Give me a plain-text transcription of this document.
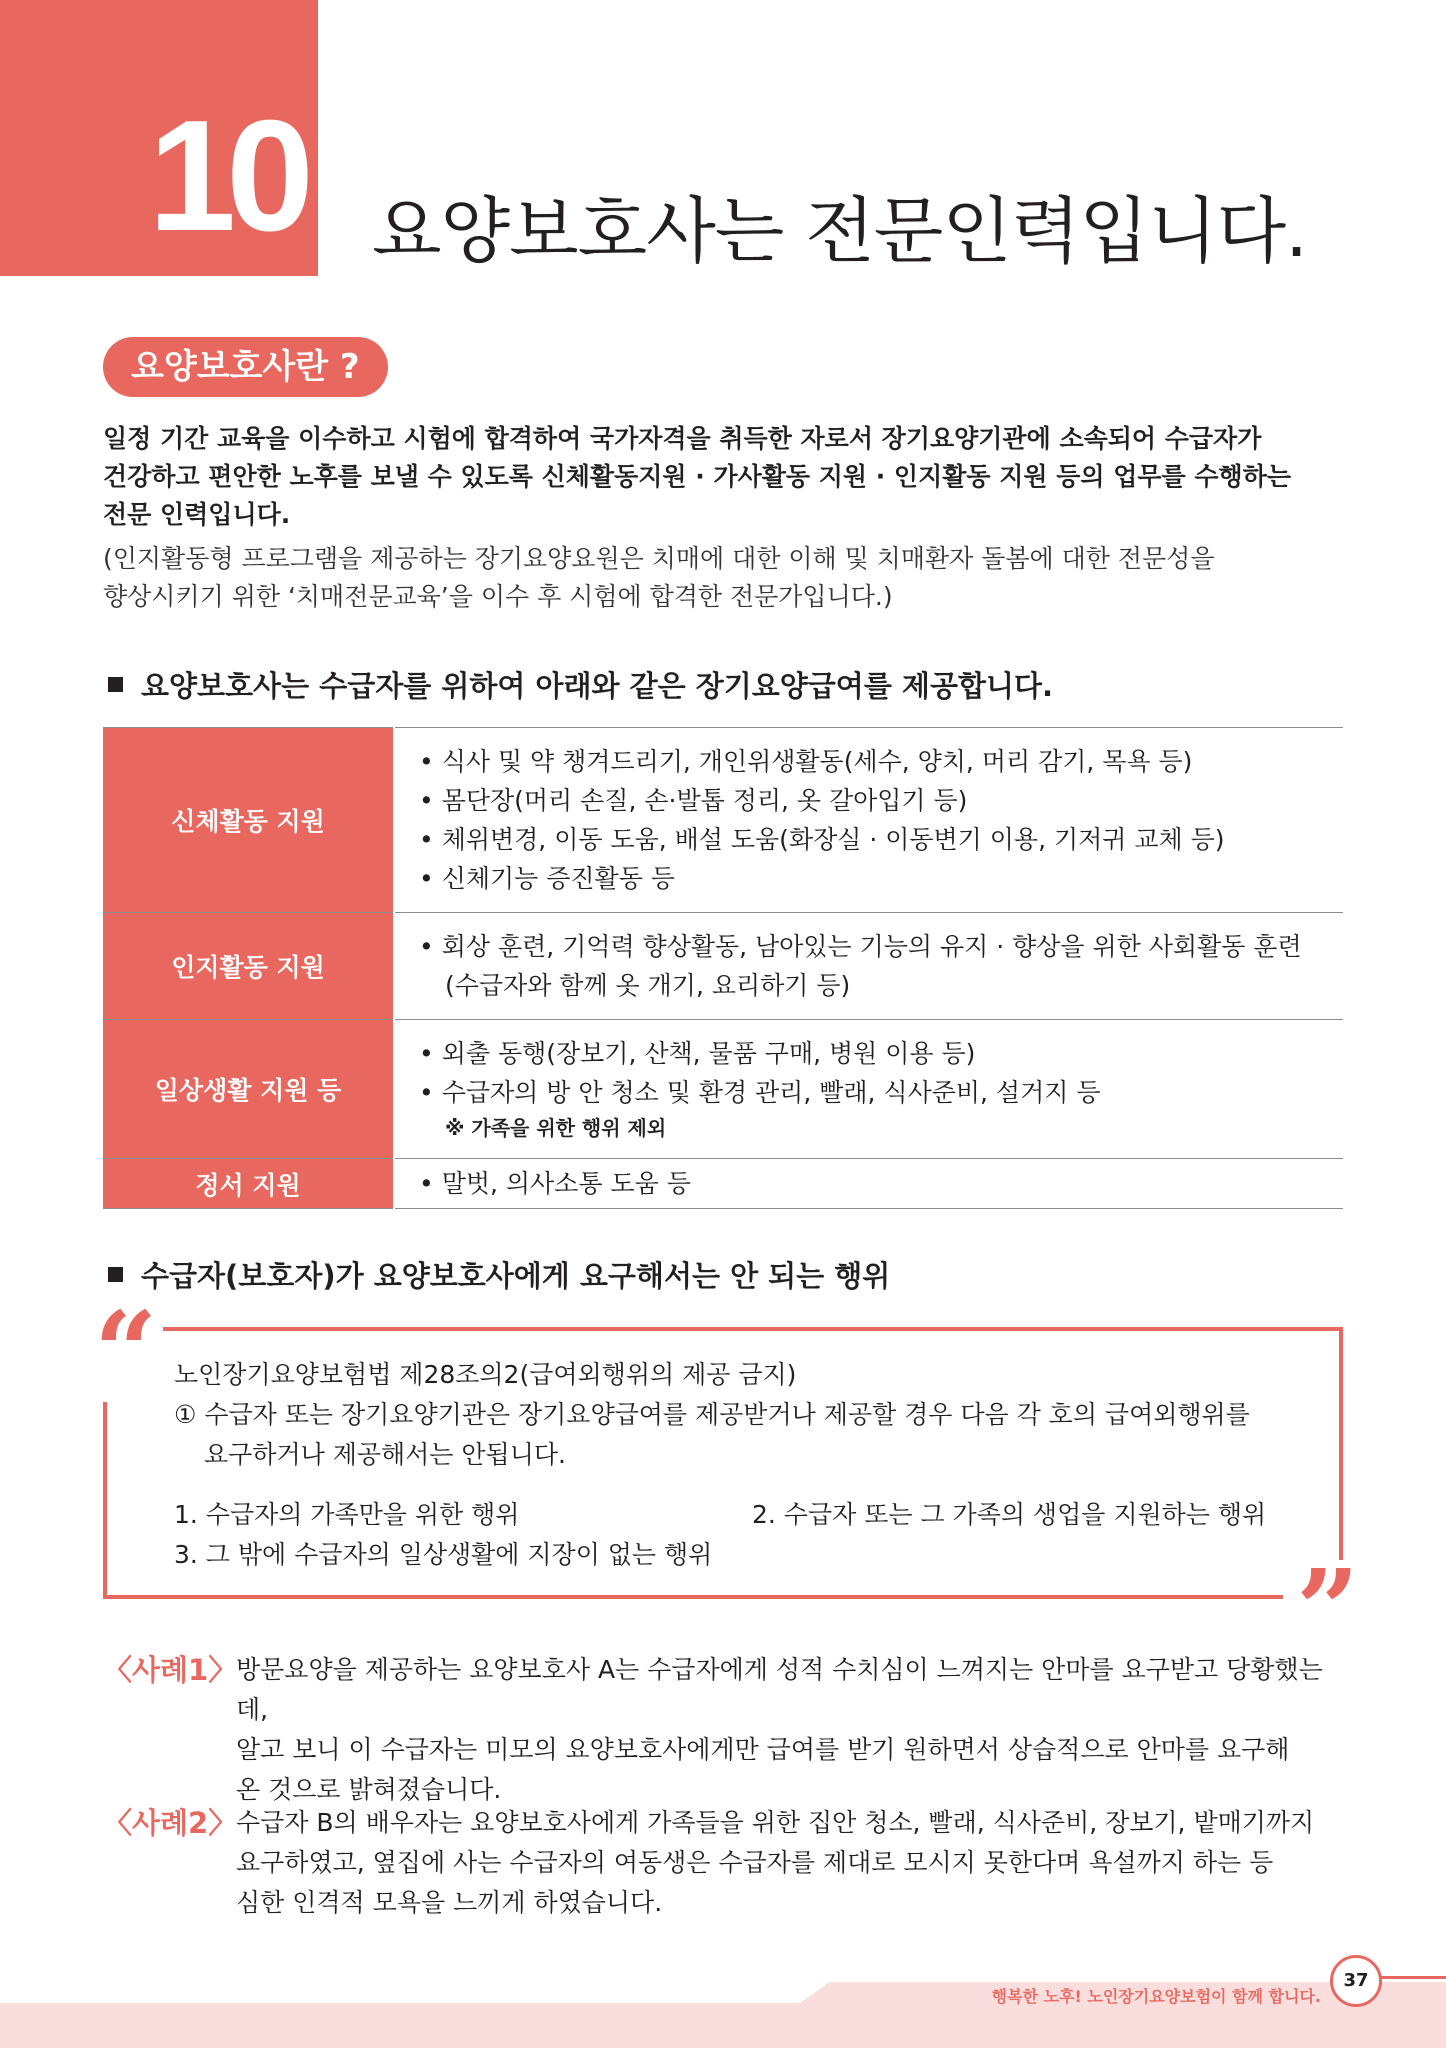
10 요양보호사는 전문인력입니다.
요양보호사란 ?
일정 기간 교육을 이수하고 시험에 합격하여 국가자격을 취득한 자로서 장기요양기관에 소속되어 수급자가
건강하고 편안한 노후를 보낼 수 있도록 신체활동지원 · 가사활동 지원 · 인지활동 지원 등의 업무를 수행하는
전문 인력입니다.
(인지활동형 프로그램을 제공하는 장기요양요원은 치매에 대한 이해 및 치매환자 돌봄에 대한 전문성을
향상시키기 위한 ‘치매전문교육’을 이수 후 시험에 합격한 전문가입니다.)
요양보호사는 수급자를 위하여 아래와 같은 장기요양급여를 제공합니다.
신체활동 지원	• 식사 및 약 챙겨드리기, 개인위생활동(세수, 양치, 머리 감기, 목욕 등)
• 몸단장(머리 손질, 손·발톱 정리, 옷 갈아입기 등)
• 체위변경, 이동 도움, 배설 도움(화장실 · 이동변기 이용, 기저귀 교체 등)
• 신체기능 증진활동 등

인지활동 지원	• 회상 훈련, 기억력 향상활동, 남아있는 기능의 유지 · 향상을 위한 사회활동 훈련 (수급자와 함께 옷 개기, 요리하기 등)

일상생활 지원 등	• 외출 동행(장보기, 산책, 물품 구매, 병원 이용 등)
• 수급자의 방 안 청소 및 환경 관리, 빨래, 식사준비, 설거지 등
※ 가족을 위한 행위 제외

정서 지원	• 말벗, 의사소통 도움 등
수급자(보호자)가 요양보호사에게 요구해서는 안 되는 행위
“
”
노인장기요양보험법 제28조의2(급여외행위의 제공 금지)
① 수급자 또는 장기요양기관은 장기요양급여를 제공받거나 제공할 경우 다음 각 호의 급여외행위를
요구하거나 제공해서는 안됩니다.
1. 수급자의 가족만을 위한 행위	2. 수급자 또는 그 가족의 생업을 지원하는 행위
3. 그 밖에 수급자의 일상생활에 지장이 없는 행위
〈사례1〉
방문요양을 제공하는 요양보호사 A는 수급자에게 성적 수치심이 느껴지는 안마를 요구받고 당황했는데,
알고 보니 이 수급자는 미모의 요양보호사에게만 급여를 받기 원하면서 상습적으로 안마를 요구해
온 것으로 밝혀졌습니다.
〈사례2〉
수급자 B의 배우자는 요양보호사에게 가족들을 위한 집안 청소, 빨래, 식사준비, 장보기, 밭매기까지
요구하였고, 옆집에 사는 수급자의 여동생은 수급자를 제대로 모시지 못한다며 욕설까지 하는 등
심한 인격적 모욕을 느끼게 하였습니다.
행복한 노후! 노인장기요양보험이 함께 합니다.
37
